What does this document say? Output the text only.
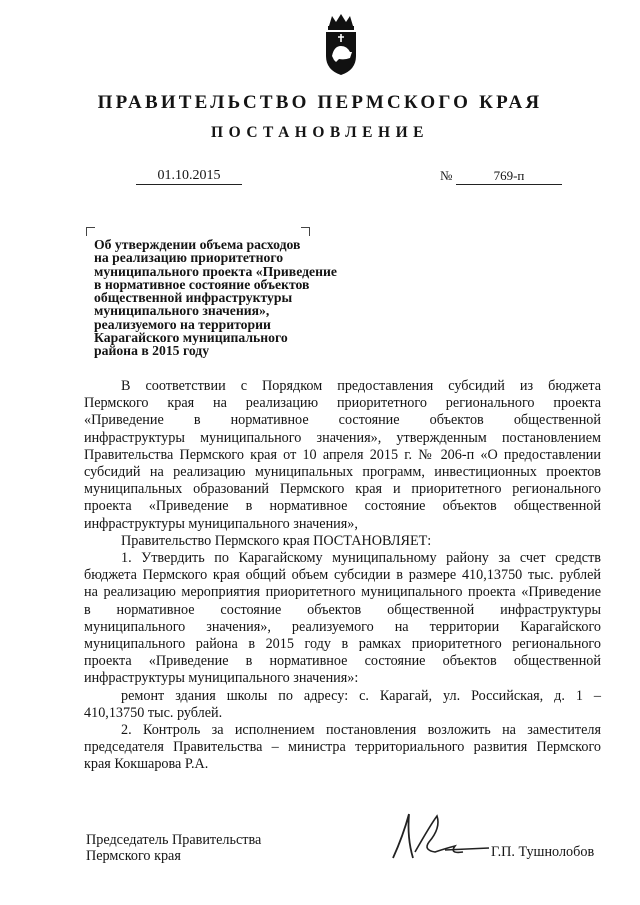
ПРАВИТЕЛЬСТВО ПЕРМСКОГО КРАЯ
ПОСТАНОВЛЕНИЕ
01.10.2015	№	769-п
Об утверждении объема расходов
на реализацию приоритетного
муниципального проекта «Приведение
в нормативное состояние объектов
общественной инфраструктуры
муниципального значения»,
реализуемого на территории
Карагайского муниципального
района в 2015 году
В соответствии с Порядком предоставления субсидий из бюджета
Пермского края на реализацию приоритетного регионального проекта
«Приведение в нормативное состояние объектов общественной
инфраструктуры муниципального значения», утвержденным постановлением
Правительства Пермского края от 10 апреля 2015 г. № 206-п «О предоставлении
субсидий на реализацию муниципальных программ, инвестиционных проектов
муниципальных образований Пермского края и приоритетного регионального
проекта «Приведение в нормативное состояние объектов общественной
инфраструктуры муниципального значения»,
Правительство Пермского края ПОСТАНОВЛЯЕТ:
1. Утвердить по Карагайскому муниципальному району за счет средств
бюджета Пермского края общий объем субсидии в размере 410,13750 тыс. рублей
на реализацию мероприятия приоритетного муниципального проекта «Приведение
в нормативное состояние объектов общественной инфраструктуры
муниципального значения», реализуемого на территории Карагайского
муниципального района в 2015 году в рамках приоритетного регионального
проекта «Приведение в нормативное состояние объектов общественной
инфраструктуры муниципального значения»:
ремонт здания школы по адресу: с. Карагай, ул. Российская, д. 1 –
410,13750 тыс. рублей.
2. Контроль за исполнением постановления возложить на заместителя
председателя Правительства – министра территориального развития Пермского
края Кокшарова Р.А.
Председатель Правительства
Пермского края	Г.П. Тушнолобов
